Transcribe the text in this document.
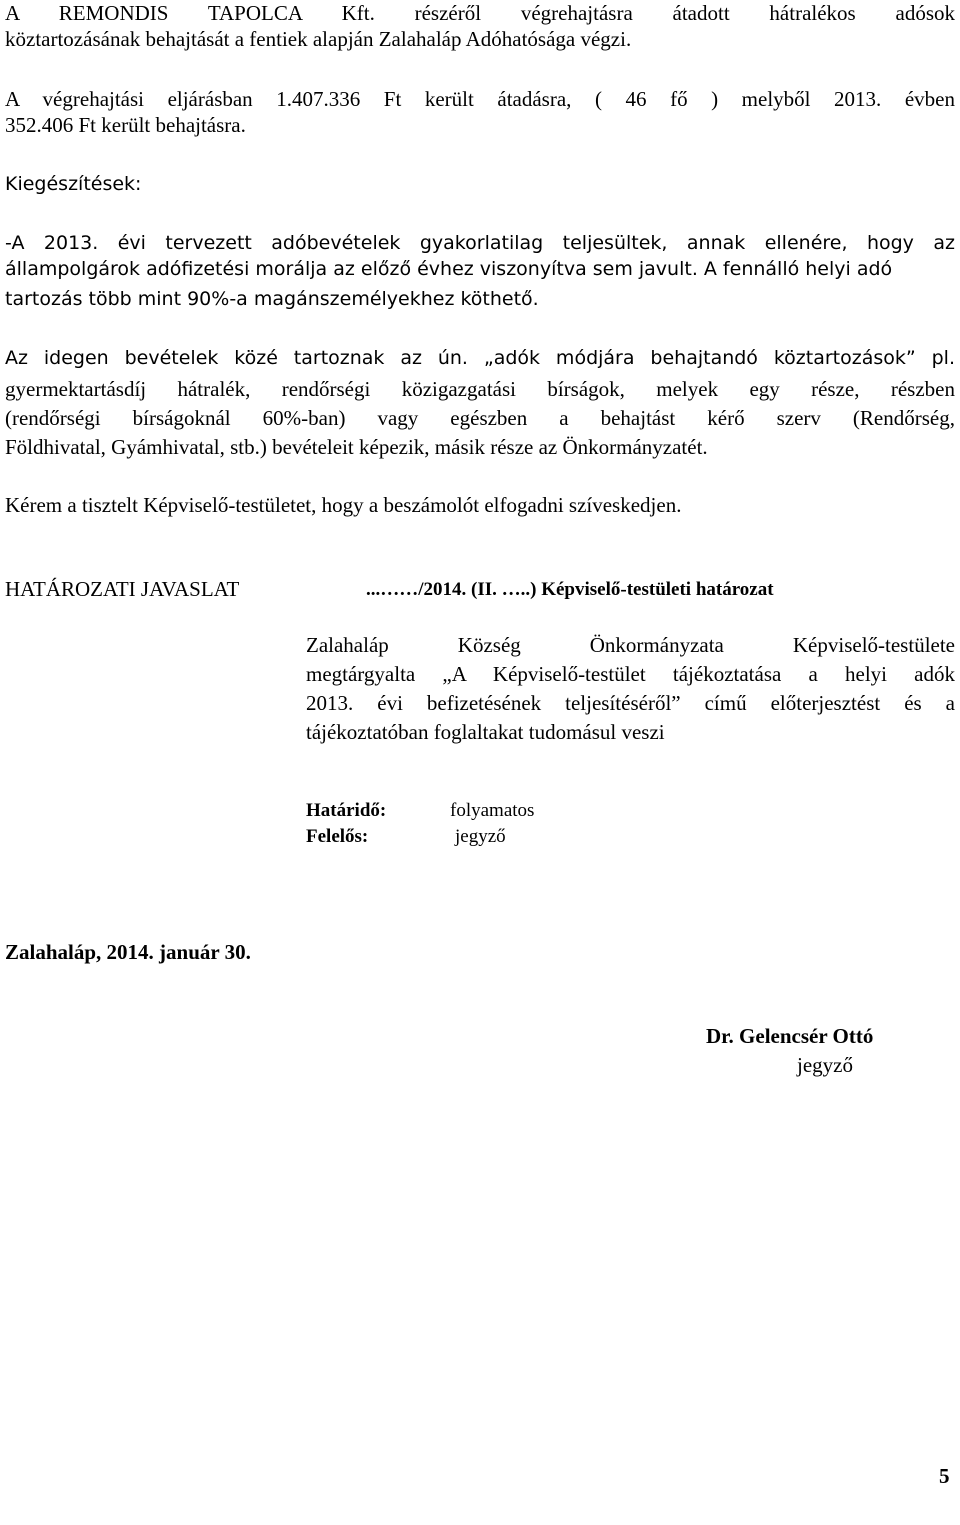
A REMONDIS TAPOLCA Kft. részéről végrehajtásra átadott hátralékos adósok
köztartozásának behajtását a fentiek alapján Zalahaláp Adóhatósága végzi.
A végrehajtási eljárásban 1.407.336 Ft került átadásra, ( 46 fő ) melyből 2013. évben
352.406 Ft került behajtásra.
Kiegészítések:
-A 2013. évi tervezett adóbevételek gyakorlatilag teljesültek, annak ellenére, hogy az
állampolgárok adófizetési morálja az előző évhez viszonyítva sem javult. A fennálló helyi adó
tartozás több mint 90%-a magánszemélyekhez köthető.
Az idegen bevételek közé tartoznak az ún. „adók módjára behajtandó köztartozások” pl.
gyermektartásdíj hátralék, rendőrségi közigazgatási bírságok, melyek egy része, részben
(rendőrségi bírságoknál 60%-ban) vagy egészben a behajtást kérő szerv (Rendőrség,
Földhivatal, Gyámhivatal, stb.) bevételeit képezik, másik része az Önkormányzatét.
Kérem a tisztelt Képviselő-testületet, hogy a beszámolót elfogadni szíveskedjen.
HATÁROZATI JAVASLAT	...……/2014. (II. …..) Képviselő-testületi határozat
Zalahaláp Község Önkormányzata Képviselő-testülete
megtárgyalta „A Képviselő-testület tájékoztatása a helyi adók
2013. évi befizetésének teljesítéséről” című előterjesztést és a
tájékoztatóban foglaltakat tudomásul veszi
Határidő:	folyamatos
Felelős:	jegyző
Zalahaláp, 2014. január 30.
Dr. Gelencsér Ottó
jegyző
5
